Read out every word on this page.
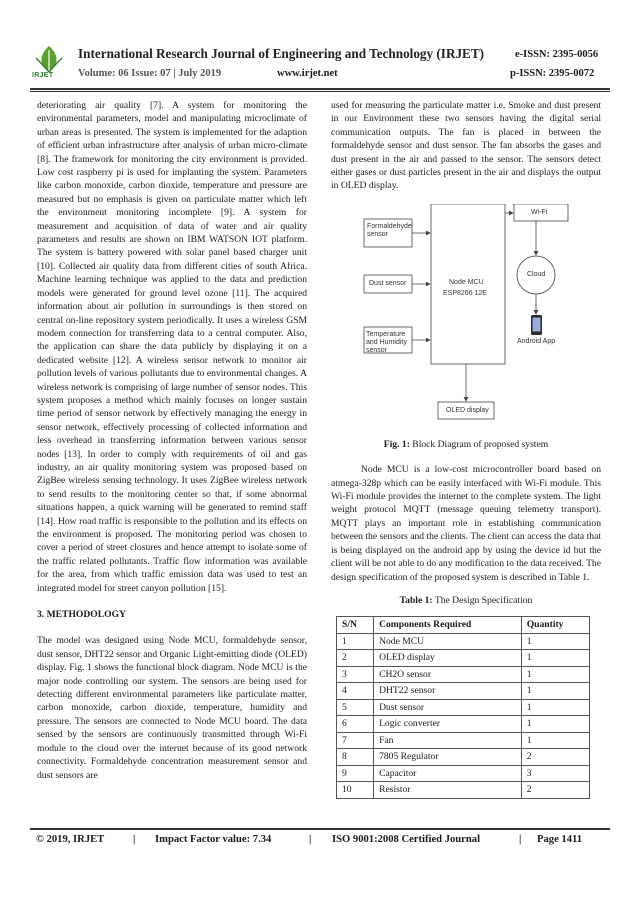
IRJET
International Research Journal of Engineering and Technology (IRJET)	e-ISSN: 2395-0056
Volume: 06 Issue: 07 | July 2019	www.irjet.net	p-ISSN: 2395-0072

deteriorating air quality [7]. A system for monitoring the environmental parameters, model and manipulating microclimate of urban areas is presented. The system is implemented for the adaption of efficient urban infrastructure after analysis of urban micro-climate [8]. The framework for monitoring the city environment is provided. Low cost raspberry pi is used for implanting the system. Parameters like carbon monoxide, carbon dioxide, temperature and pressure are measured but no emphasis is given on particulate matter which left the environment monitoring incomplete [9]. A system for measurement and acquisition of data of water and air quality parameters and results are shown on IBM WATSON IOT platform. The system is battery powered with solar panel based charger unit [10]. Collected air quality data from different cities of south Africa. Machine learning technique was applied to the data and prediction models were generated for ground level ozone [11]. The acquired information about air pollution in surroundings is then stored on central on-line repository system periodically. It uses a wireless GSM modem connection for transferring data to a central computer. Also, the application can share the data publicly by displaying it on a dedicated website [12]. A wireless sensor network to monitor air pollution levels of various pollutants due to environmental changes. A wireless network is comprising of large number of sensor nodes. This system proposes a method which mainly focuses on longer sustain time period of sensor network by effectively managing the energy in sensor network, effectively processing of collected information and less overhead in transferring information between various sensor nodes [13]. In order to comply with requirements of oil and gas industry, an air quality monitoring system was proposed based on ZigBee wireless sensing technology. It uses ZigBee wireless network to send results to the monitoring center so that, if some abnormal situations happen, a quick warning will be generated to remind staff [14]. How road traffic is responsible to the pollution and its effects on the environment is proposed. The monitoring period was chosen to cover a period of street closures and hence attempt to isolate some of the traffic related pollutants. Traffic flow information was available for the area, from which traffic emission data was used to test an integrated model for street canyon pollution [15].

3. METHODOLOGY

The model was designed using Node MCU, formaldehyde sensor, dust sensor, DHT22 sensor and Organic Light-emitting diode (OLED) display. Fig. 1 shows the functional block diagram. Node MCU is the major node controlling our system. The sensors are being used for detecting different environmental parameters like particulate matter, carbon monoxide, carbon dioxide, temperature, humidity and pressure. The sensors are connected to Node MCU board. The data sensed by the sensors are continuously transmitted through Wi-Fi module to the cloud over the internet because of its good network connectivity. Formaldehyde concentration measurement sensor and dust sensors are

used for measuring the particulate matter i.e. Smoke and dust present in our Environment these two sensors having the digital serial communication outputs. The fan is placed in between the formaldehyde sensor and dust sensor. The fan absorbs the gases and dust present in the air and passed to the sensor. The sensors detect either gases or dust particles present in the air and displays the output in OLED display.

Formaldehyde sensor
Dust sensor
Temperature and Humidity sensor
Node MCU
ESP8266 12E
Wi-Fi
Cloud
Android App
OLED display
Fig. 1: Block Diagram of proposed system

Node MCU is a low-cost microcontroller board based on atmega-328p which can be easily interfaced with Wi-Fi module. This Wi-Fi module provides the internet to the complete system. The light weight protocol MQTT (message queuing telemetry transport). MQTT plays an important role in establishing communication between the sensors and the clients. The client can access the data that is being displayed on the android app by using the device id but the client will be not able to do any modification to the data received. The design specification of the proposed system is described in Table 1.

Table 1: The Design Specification
S/N	Components Required	Quantity
1	Node MCU	1
2	OLED display	1
3	CH2O sensor	1
4	DHT22 sensor	1
5	Dust sensor	1
6	Logic converter	1
7	Fan	1
8	7805 Regulator	2
9	Capacitor	3
10	Resistor	2
© 2019, IRJET	| Impact Factor value: 7.34	| ISO 9001:2008 Certified Journal	| Page 1411
